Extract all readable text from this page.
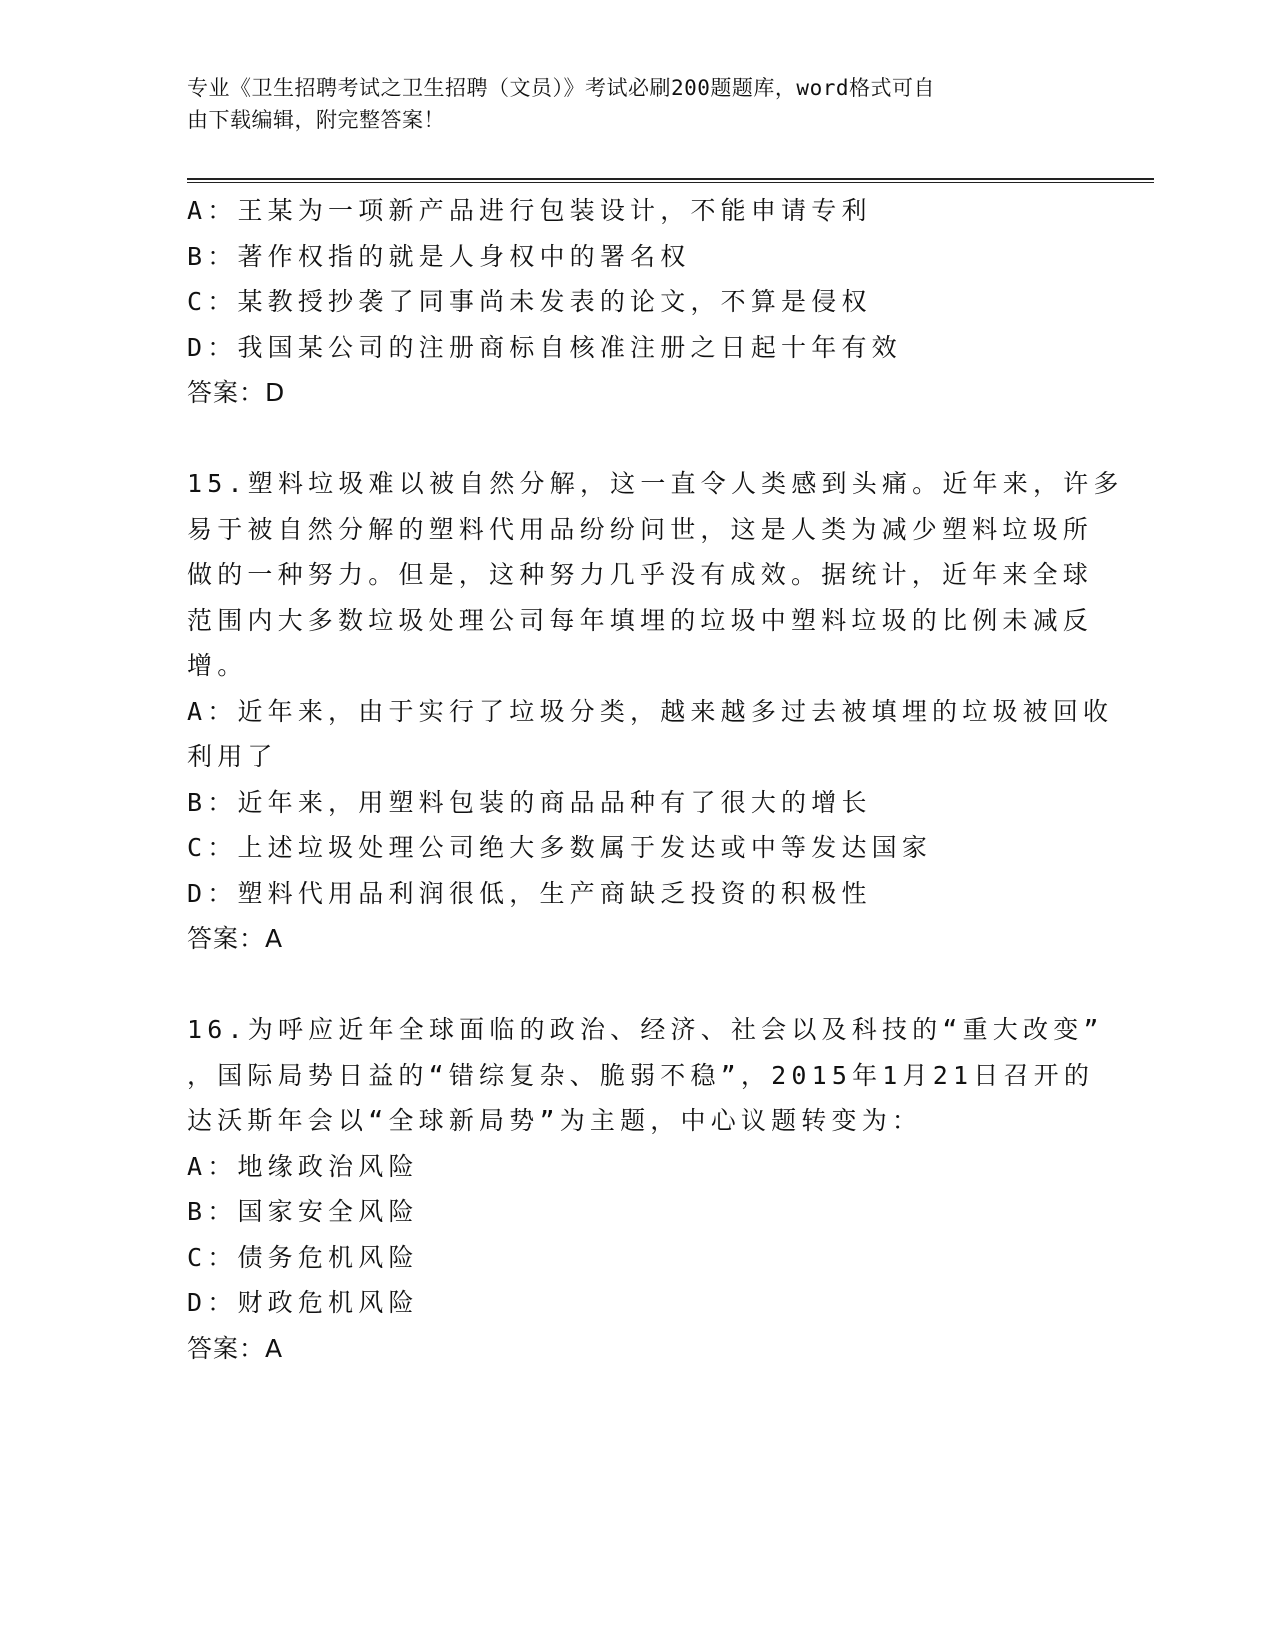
专业《卫生招聘考试之卫生招聘（文员）》考试必刷200题题库，word格式可自
由下载编辑，附完整答案！
A：王某为一项新产品进行包装设计，不能申请专利
B：著作权指的就是人身权中的署名权
C：某教授抄袭了同事尚未发表的论文，不算是侵权
D：我国某公司的注册商标自核准注册之日起十年有效
答案：D
15.塑料垃圾难以被自然分解，这一直令人类感到头痛。近年来，许多
易于被自然分解的塑料代用品纷纷问世，这是人类为减少塑料垃圾所
做的一种努力。但是，这种努力几乎没有成效。据统计，近年来全球
范围内大多数垃圾处理公司每年填埋的垃圾中塑料垃圾的比例未减反
增。
A：近年来，由于实行了垃圾分类，越来越多过去被填埋的垃圾被回收
利用了
B：近年来，用塑料包装的商品品种有了很大的增长
C：上述垃圾处理公司绝大多数属于发达或中等发达国家
D：塑料代用品利润很低，生产商缺乏投资的积极性
答案：A
16.为呼应近年全球面临的政治、经济、社会以及科技的“重大改变”
，国际局势日益的“错综复杂、脆弱不稳”，2015年1月21日召开的
达沃斯年会以“全球新局势”为主题，中心议题转变为：
A：地缘政治风险
B：国家安全风险
C：债务危机风险
D：财政危机风险
答案：A
